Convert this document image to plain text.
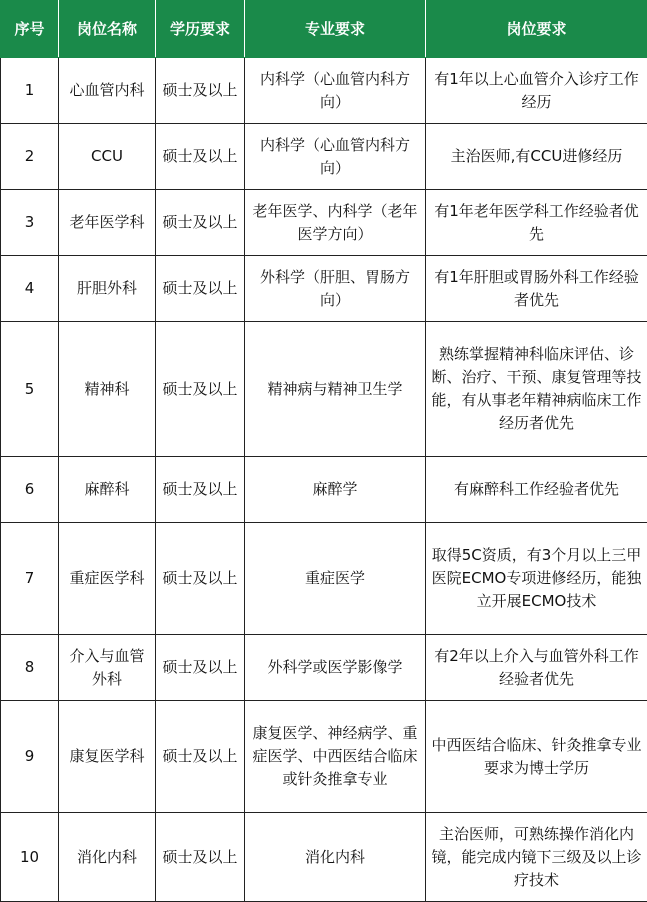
序号	岗位名称	学历要求	专业要求	岗位要求
1	心血管内科	硕士及以上	内科学（心血管内科方向）	有1年以上心血管介入诊疗工作经历
2	CCU	硕士及以上	内科学（心血管内科方向）	主治医师,有CCU进修经历
3	老年医学科	硕士及以上	老年医学、内科学（老年医学方向）	有1年老年医学科工作经验者优先
4	肝胆外科	硕士及以上	外科学（肝胆、胃肠方向）	有1年肝胆或胃肠外科工作经验者优先
5	精神科	硕士及以上	精神病与精神卫生学	熟练掌握精神科临床评估、诊断、治疗、干预、康复管理等技能，有从事老年精神病临床工作经历者优先
6	麻醉科	硕士及以上	麻醉学	有麻醉科工作经验者优先
7	重症医学科	硕士及以上	重症医学	取得5C资质，有3个月以上三甲医院ECMO专项进修经历，能独立开展ECMO技术
8	介入与血管外科	硕士及以上	外科学或医学影像学	有2年以上介入与血管外科工作经验者优先
9	康复医学科	硕士及以上	康复医学、神经病学、重症医学、中西医结合临床或针灸推拿专业	中西医结合临床、针灸推拿专业要求为博士学历
10	消化内科	硕士及以上	消化内科	主治医师，可熟练操作消化内镜，能完成内镜下三级及以上诊疗技术
